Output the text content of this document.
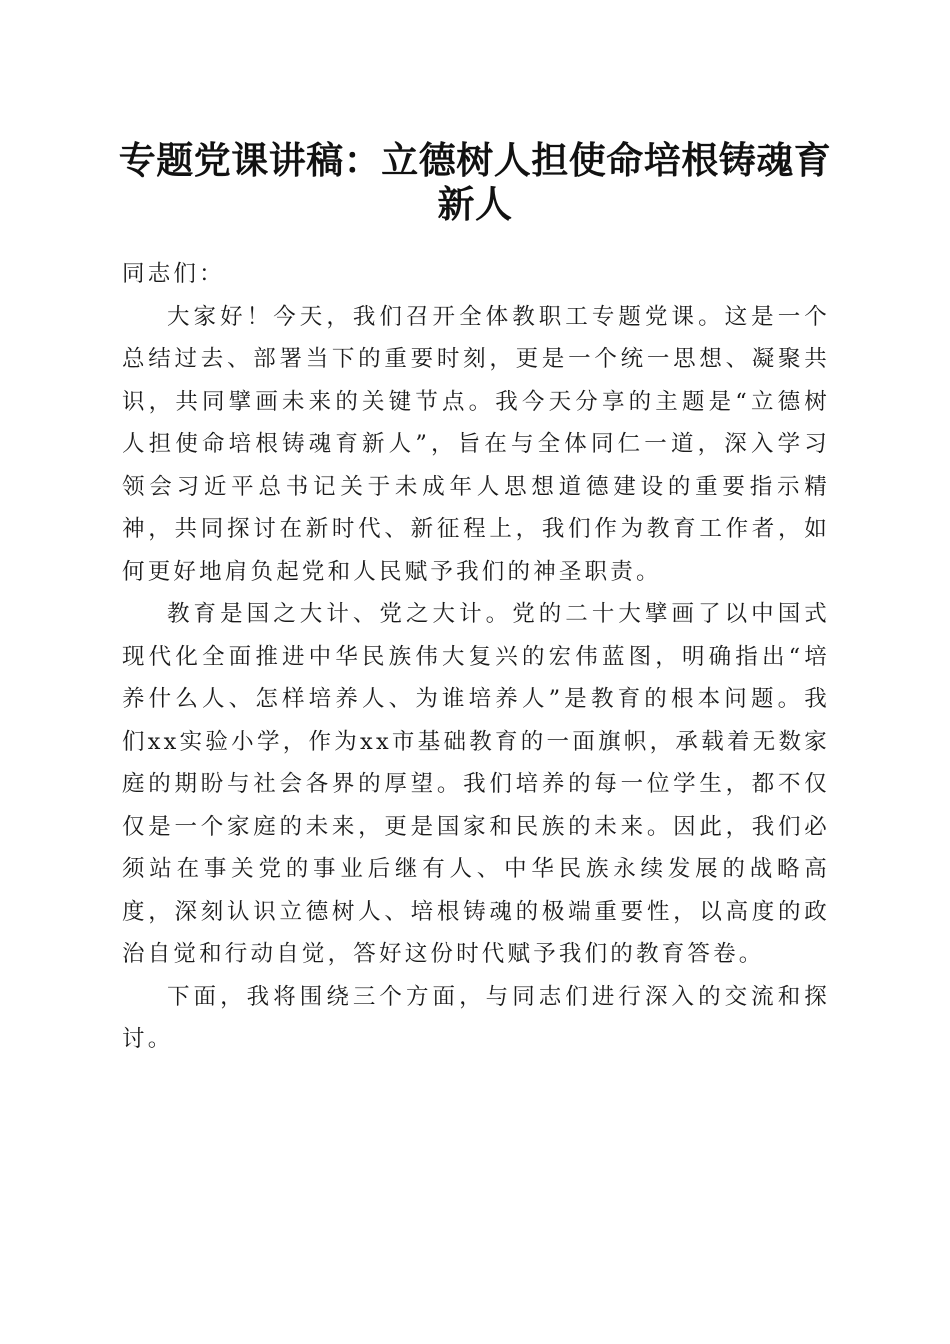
专题党课讲稿：立德树人担使命培根铸魂育新人

同志们：

大家好！今天，我们召开全体教职工专题党课。这是一个总结过去、部署当下的重要时刻，更是一个统一思想、凝聚共识，共同擘画未来的关键节点。我今天分享的主题是“立德树人担使命培根铸魂育新人”，旨在与全体同仁一道，深入学习领会习近平总书记关于未成年人思想道德建设的重要指示精神，共同探讨在新时代、新征程上，我们作为教育工作者，如何更好地肩负起党和人民赋予我们的神圣职责。

教育是国之大计、党之大计。党的二十大擘画了以中国式现代化全面推进中华民族伟大复兴的宏伟蓝图，明确指出“培养什么人、怎样培养人、为谁培养人”是教育的根本问题。我们xx实验小学，作为xx市基础教育的一面旗帜，承载着无数家庭的期盼与社会各界的厚望。我们培养的每一位学生，都不仅仅是一个家庭的未来，更是国家和民族的未来。因此，我们必须站在事关党的事业后继有人、中华民族永续发展的战略高度，深刻认识立德树人、培根铸魂的极端重要性，以高度的政治自觉和行动自觉，答好这份时代赋予我们的教育答卷。

下面，我将围绕三个方面，与同志们进行深入的交流和探讨。
